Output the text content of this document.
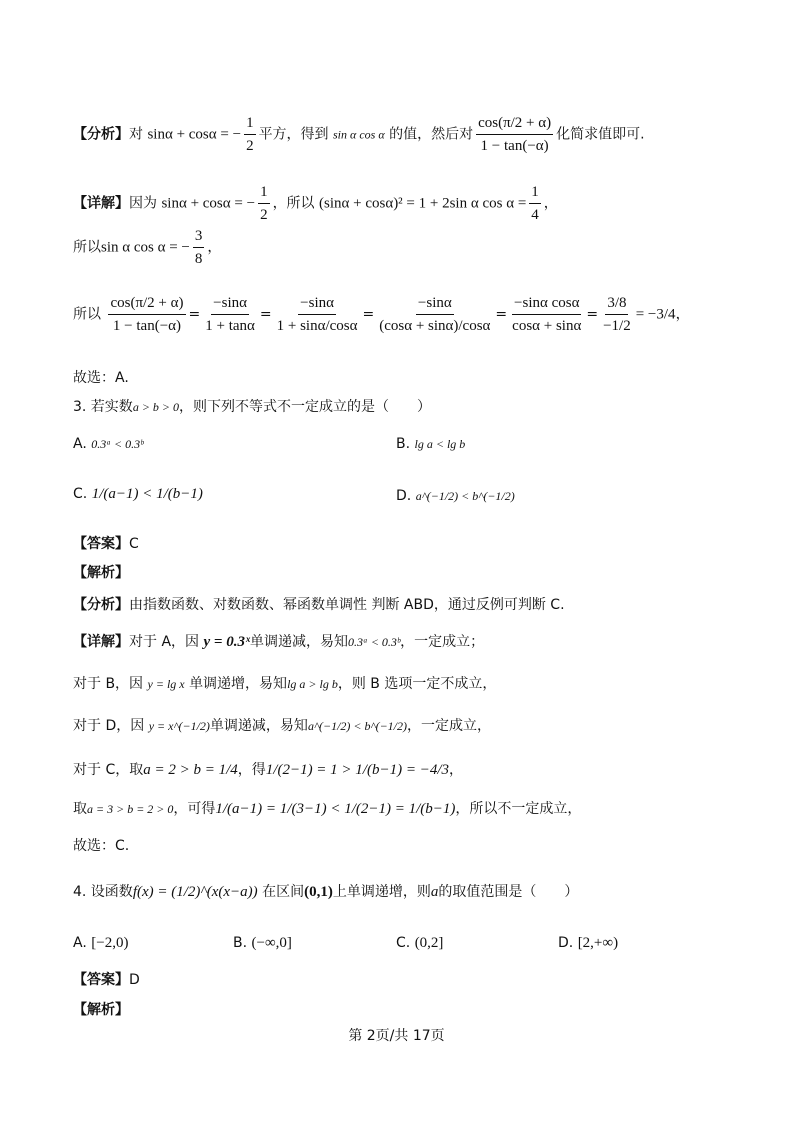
【分析】对 sinα + cosα = − $\frac{1}{2}$ 平方，得到 sin α cos α 的值，然后对 $\frac{\cos(\pi/2 + \alpha)}{1 - \tan(-\alpha)}$ 化简求值即可.
【详解】因为 sinα + cosα = − $\frac{1}{2}$ ，所以 (sinα + cosα)² = 1 + 2sin α $\cos \alpha = \frac{1}{4}$ ，
所以sin α cos α = − $\frac{3}{8}$ ，
所以 $\frac{\cos(\pi/2 + \alpha)}{1 - \tan(-\alpha)} = \frac{-\sin\alpha}{1 + \tan\alpha} = \frac{-\sin\alpha}{1 + \sin\alpha/\cos\alpha} = \frac{-\sin\alpha}{(\cos\alpha + \sin\alpha)/\cos\alpha} = \frac{\text{−sinα cosα}}{\cos\alpha + \sin\alpha} = \frac{3/8}{-1/2} = -3/4$，
故选：A.
3. 若实数a > b > 0，则下列不等式不一定成立的是（　　）
A. 0.3ᵃ < 0.3ᵇ	B. lg a < lg b
C. 1/(a−1) < 1/(b−1)	D. a^(−1/2) < b^(−1/2)
【答案】C
【解析】
【分析】由指数函数、对数函数、幂函数单调性 判断 ABD，通过反例可判断 C.
【详解】对于 A，因 y = 0.3ˣ单调递减，易知0.3ᵃ < 0.3ᵇ，一定成立；
对于 B，因 y = lg x 单调递增，易知lg a > lg b，则 B 选项一定不成立，
对于 D，因 y = x^(−1/2)单调递减，易知a^(−1/2) < b^(−1/2)，一定成立，
对于 C，取a = 2 > b = 1/4，得1/(2−1) = 1 > 1/(b−1) = −4/3，
取a = 3 > b = 2 > 0，可得1/(a−1) = 1/(3−1) < 1/(2−1) = 1/(b−1)，所以不一定成立，
故选：C.
4. 设函数f(x) = (1/2)^(x(x−a)) 在区间(0,1)上单调递增，则a的取值范围是（　　）
A. [−2,0)	B. (−∞,0]	C. (0,2]	D. [2,+∞)
【答案】D
【解析】
第 2页/共 17页
